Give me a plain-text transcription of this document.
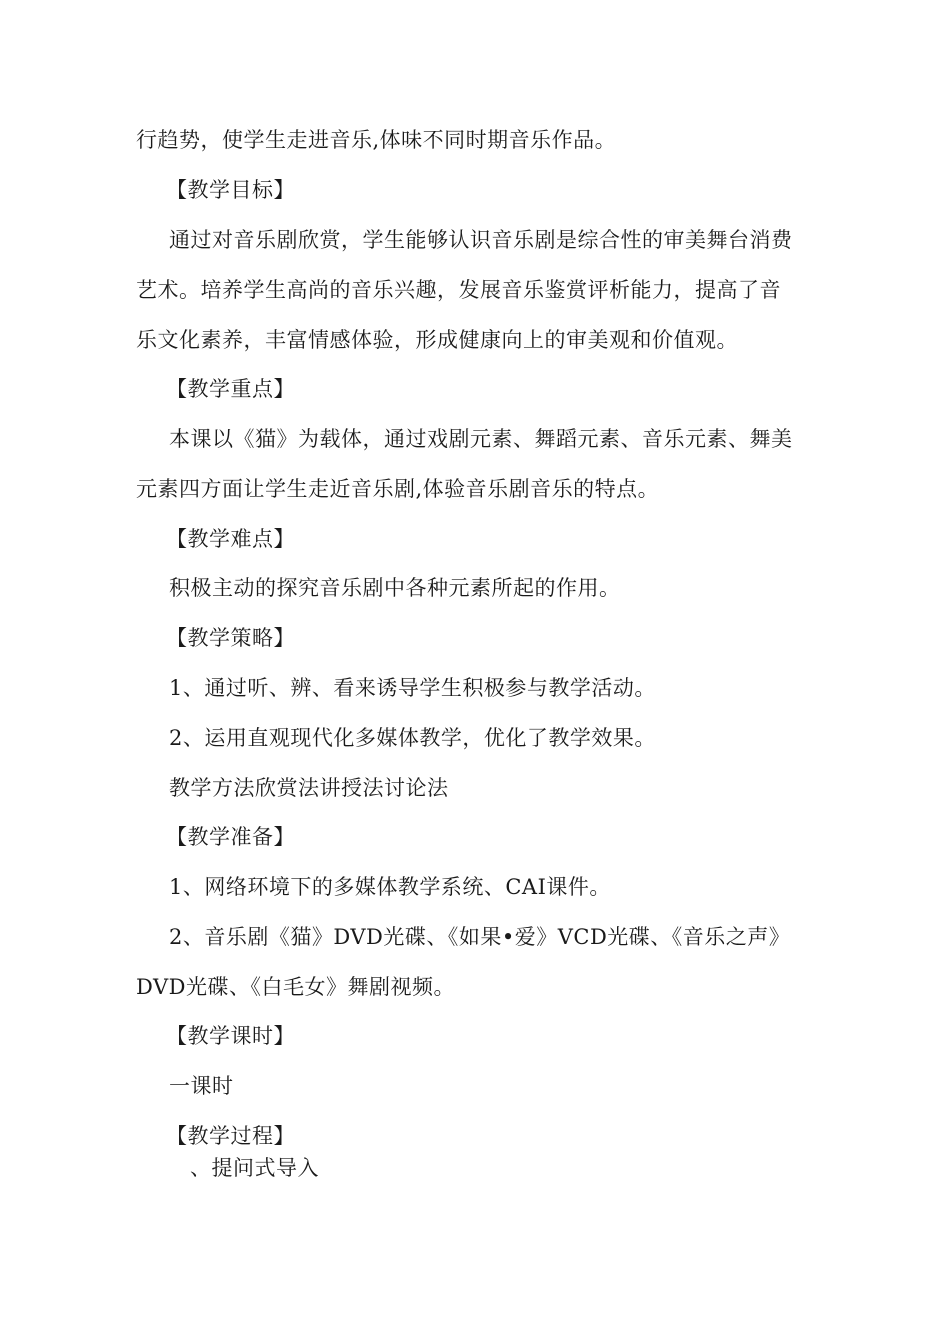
行趋势，使学生走进音乐,体味不同时期音乐作品。
【教学目标】
通过对音乐剧欣赏，学生能够认识音乐剧是综合性的审美舞台消费
艺术。培养学生高尚的音乐兴趣，发展音乐鉴赏评析能力，提高了音
乐文化素养，丰富情感体验，形成健康向上的审美观和价值观。
【教学重点】
本课以《猫》为载体，通过戏剧元素、舞蹈元素、音乐元素、舞美
元素四方面让学生走近音乐剧,体验音乐剧音乐的特点。
【教学难点】
积极主动的探究音乐剧中各种元素所起的作用。
【教学策略】
1、通过听、辨、看来诱导学生积极参与教学活动。
2、运用直观现代化多媒体教学，优化了教学效果。
教学方法欣赏法讲授法讨论法
【教学准备】
1、网络环境下的多媒体教学系统、CAI课件。
2、音乐剧《猫》DVD光碟、《如果•爱》VCD光碟、《音乐之声》
DVD光碟、《白毛女》舞剧视频。
【教学课时】
一课时
【教学过程】
、提问式导入
